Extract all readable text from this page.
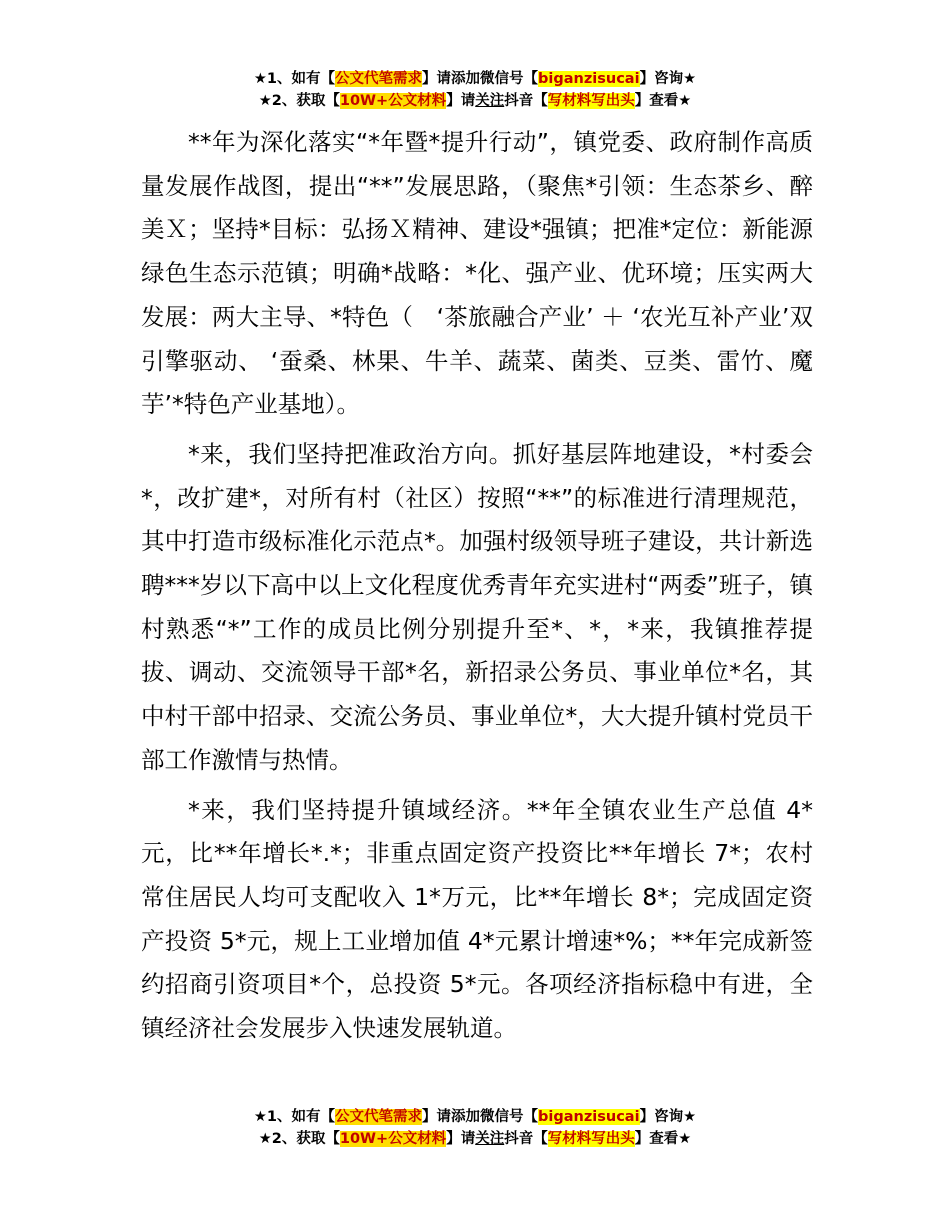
★1、如有【公文代笔需求】请添加微信号【biganzisucai】咨询★
★2、获取【10W+公文材料】请关注抖音【写材料写出头】查看★

**年为深化落实“*年暨*提升行动”，镇党委、政府制作高质量发展作战图，提出“**”发展思路，（聚焦*引领：生态茶乡、醉美Ｘ；坚持*目标：弘扬Ｘ精神、建设*强镇；把准*定位：新能源绿色生态示范镇；明确*战略：*化、强产业、优环境；压实两大发展：两大主导、*特色（　‘茶旅融合产业’ ＋ ‘农光互补产业’双引擎驱动、 ‘蚕桑、林果、牛羊、蔬菜、菌类、豆类、雷竹、魔芋’*特色产业基地）。

*来，我们坚持把准政治方向。抓好基层阵地建设，*村委会*，改扩建*，对所有村（社区）按照“**”的标准进行清理规范，其中打造市级标准化示范点*。加强村级领导班子建设，共计新选聘***岁以下高中以上文化程度优秀青年充实进村“两委”班子，镇村熟悉“*”工作的成员比例分别提升至*、*，*来，我镇推荐提拔、调动、交流领导干部*名，新招录公务员、事业单位*名，其中村干部中招录、交流公务员、事业单位*，大大提升镇村党员干部工作激情与热情。

*来，我们坚持提升镇域经济。**年全镇农业生产总值 4*元，比**年增长*.*；非重点固定资产投资比**年增长 7*；农村常住居民人均可支配收入 1*万元，比**年增长 8*；完成固定资产投资 5*元，规上工业增加值 4*元累计增速*%；**年完成新签约招商引资项目*个，总投资 5*元。各项经济指标稳中有进，全镇经济社会发展步入快速发展轨道。

★1、如有【公文代笔需求】请添加微信号【biganzisucai】咨询★
★2、获取【10W+公文材料】请关注抖音【写材料写出头】查看★
